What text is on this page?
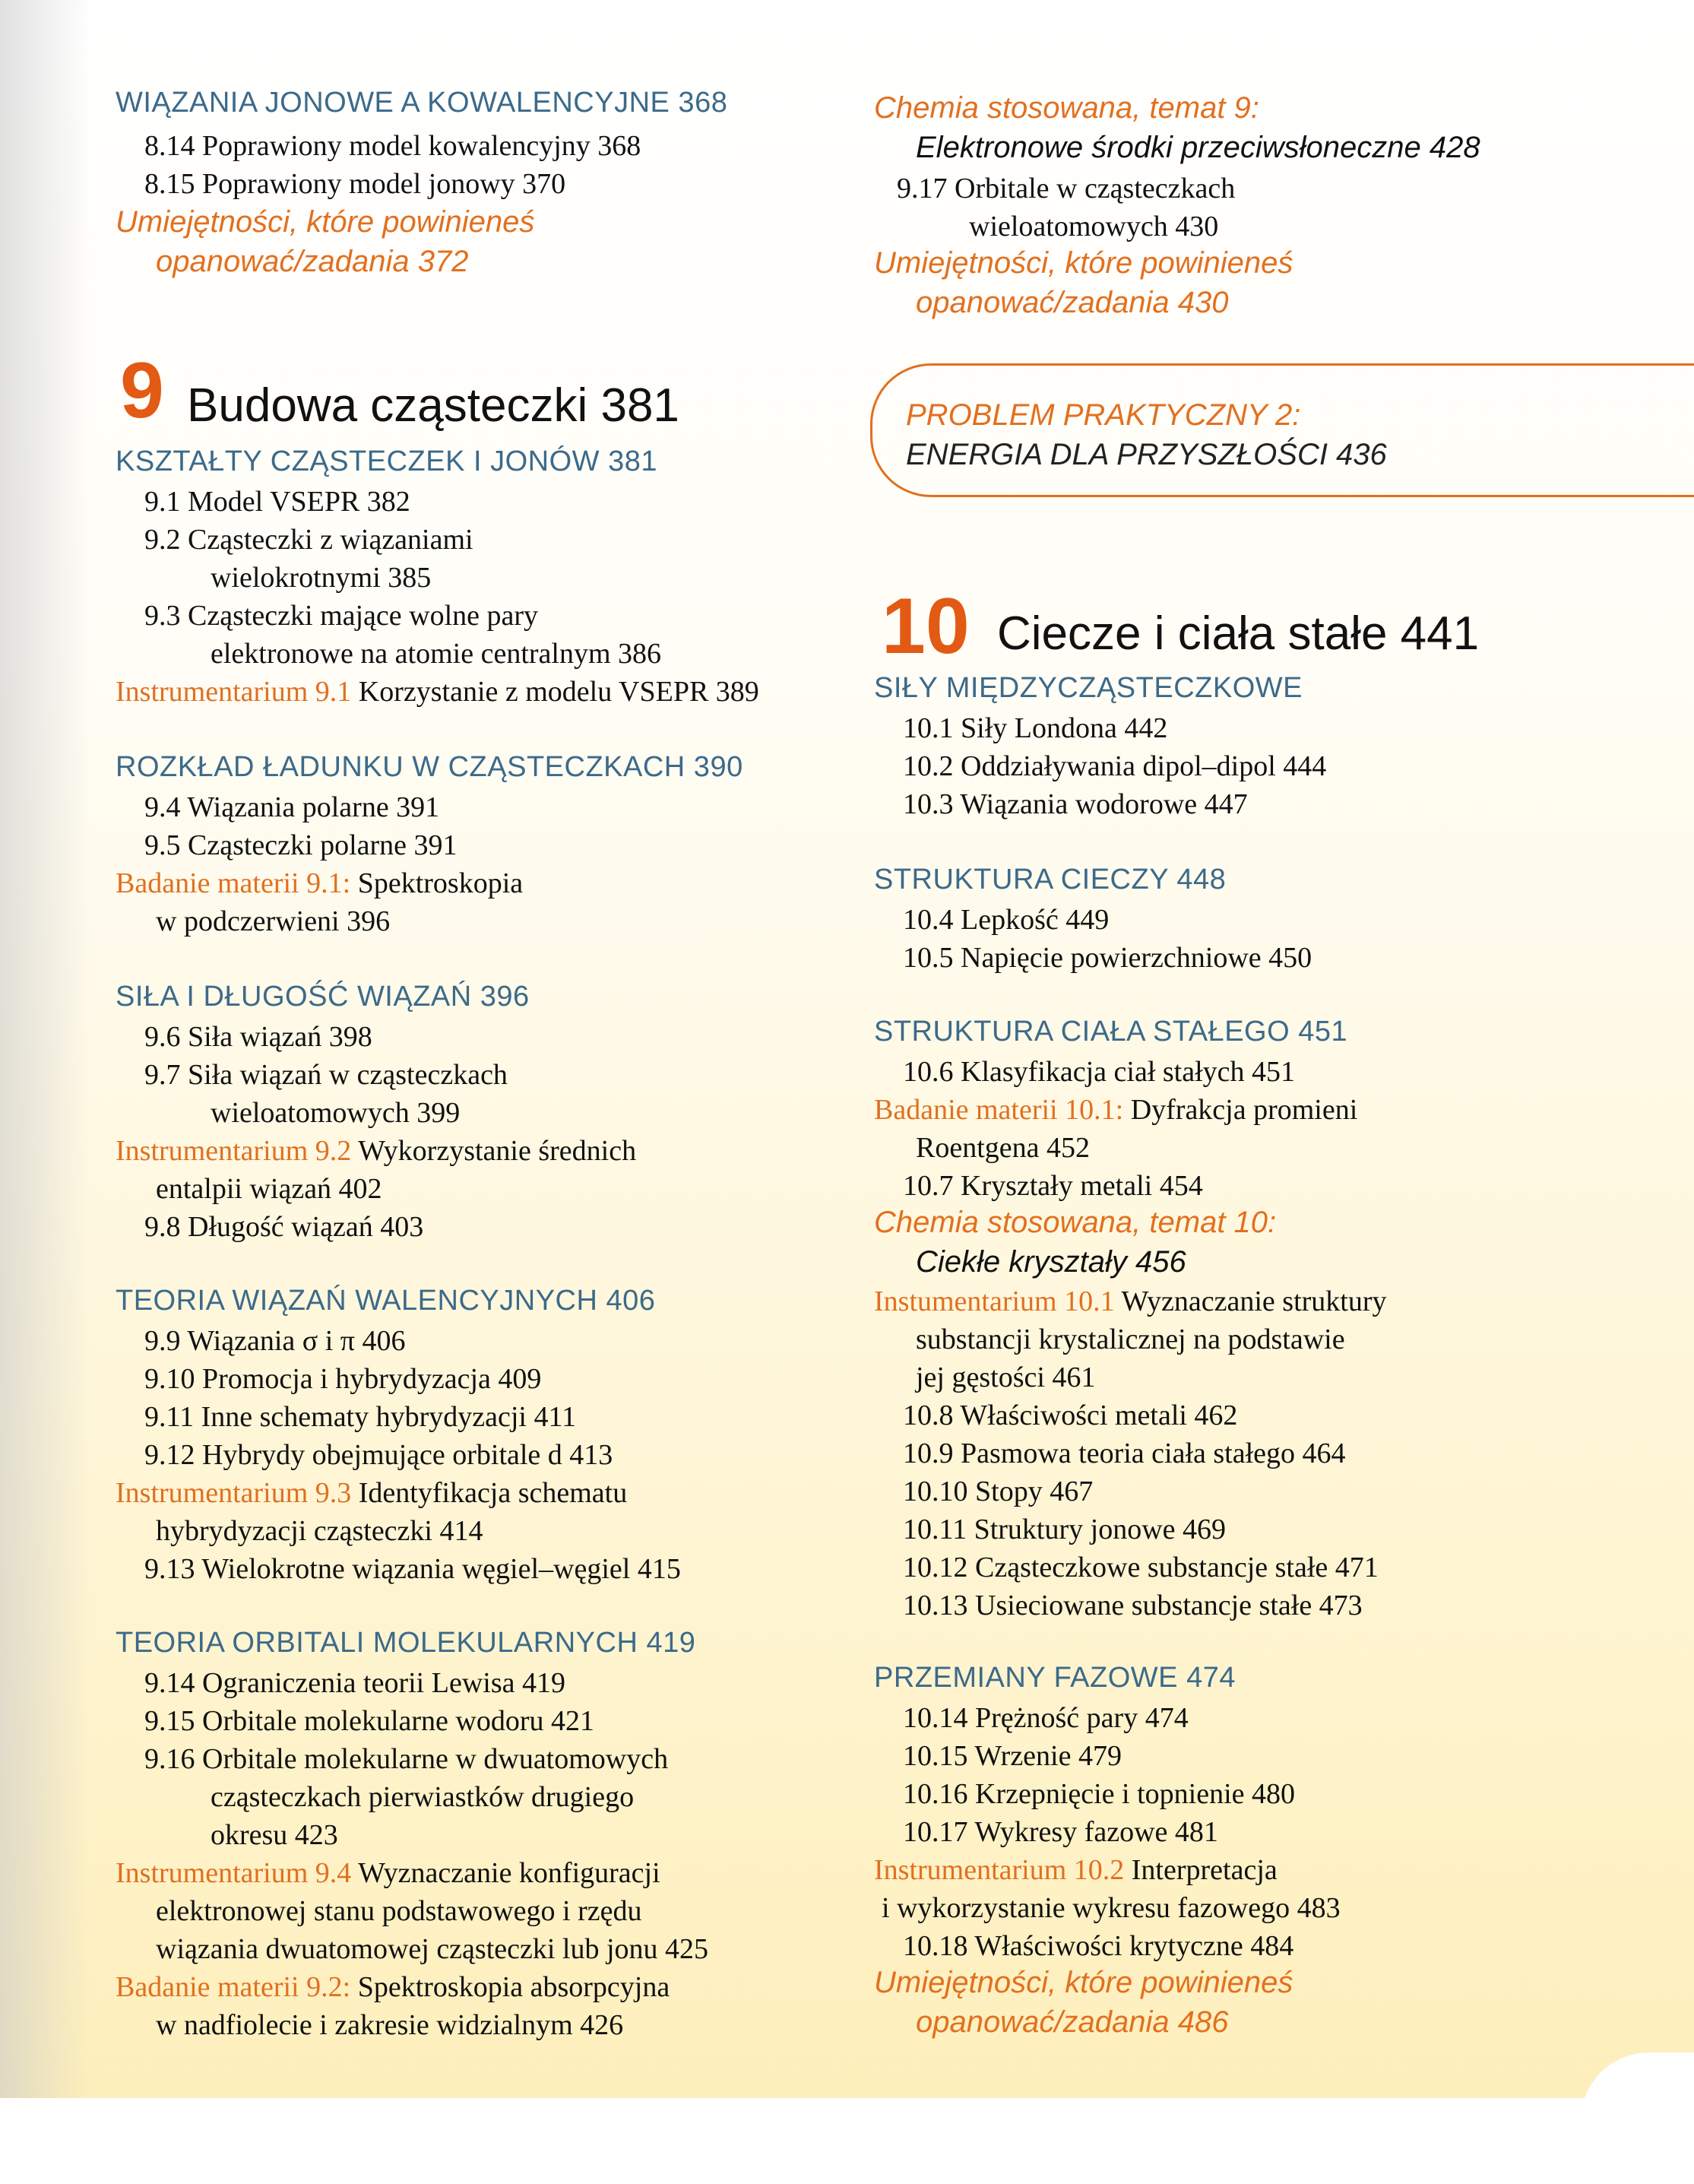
WIĄZANIA JONOWE A KOWALENCYJNE 368
8.14 Poprawiony model kowalencyjny 368
8.15 Poprawiony model jonowy 370
Umiejętności, które powinieneś
opanować/zadania 372
9 Budowa cząsteczki 381
KSZTAŁTY CZĄSTECZEK I JONÓW 381
9.1 Model VSEPR 382
9.2 Cząsteczki z wiązaniami
wielokrotnymi 385
9.3 Cząsteczki mające wolne pary
elektronowe na atomie centralnym 386
Instrumentarium 9.1 Korzystanie z modelu VSEPR 389
ROZKŁAD ŁADUNKU W CZĄSTECZKACH 390
9.4 Wiązania polarne 391
9.5 Cząsteczki polarne 391
Badanie materii 9.1: Spektroskopia
w podczerwieni 396
SIŁA I DŁUGOŚĆ WIĄZAŃ 396
9.6 Siła wiązań 398
9.7 Siła wiązań w cząsteczkach
wieloatomowych 399
Instrumentarium 9.2 Wykorzystanie średnich
entalpii wiązań 402
9.8 Długość wiązań 403
TEORIA WIĄZAŃ WALENCYJNYCH 406
9.9 Wiązania σ i π 406
9.10 Promocja i hybrydyzacja 409
9.11 Inne schematy hybrydyzacji 411
9.12 Hybrydy obejmujące orbitale d 413
Instrumentarium 9.3 Identyfikacja schematu
hybrydyzacji cząsteczki 414
9.13 Wielokrotne wiązania węgiel–węgiel 415
TEORIA ORBITALI MOLEKULARNYCH 419
9.14 Ograniczenia teorii Lewisa 419
9.15 Orbitale molekularne wodoru 421
9.16 Orbitale molekularne w dwuatomowych
cząsteczkach pierwiastków drugiego
okresu 423
Instrumentarium 9.4 Wyznaczanie konfiguracji
elektronowej stanu podstawowego i rzędu
wiązania dwuatomowej cząsteczki lub jonu 425
Badanie materii 9.2: Spektroskopia absorpcyjna
w nadfiolecie i zakresie widzialnym 426
Chemia stosowana, temat 9:
Elektronowe środki przeciwsłoneczne 428
9.17 Orbitale w cząsteczkach
wieloatomowych 430
Umiejętności, które powinieneś
opanować/zadania 430
PROBLEM PRAKTYCZNY 2:
ENERGIA DLA PRZYSZŁOŚCI 436
10 Ciecze i ciała stałe 441
SIŁY MIĘDZYCZĄSTECZKOWE
10.1 Siły Londona 442
10.2 Oddziaływania dipol–dipol 444
10.3 Wiązania wodorowe 447
STRUKTURA CIECZY 448
10.4 Lepkość 449
10.5 Napięcie powierzchniowe 450
STRUKTURA CIAŁA STAŁEGO 451
10.6 Klasyfikacja ciał stałych 451
Badanie materii 10.1: Dyfrakcja promieni
Roentgena 452
10.7 Kryształy metali 454
Chemia stosowana, temat 10:
Ciekłe kryształy 456
Instumentarium 10.1 Wyznaczanie struktury
substancji krystalicznej na podstawie
jej gęstości 461
10.8 Właściwości metali 462
10.9 Pasmowa teoria ciała stałego 464
10.10 Stopy 467
10.11 Struktury jonowe 469
10.12 Cząsteczkowe substancje stałe 471
10.13 Usieciowane substancje stałe 473
PRZEMIANY FAZOWE 474
10.14 Prężność pary 474
10.15 Wrzenie 479
10.16 Krzepnięcie i topnienie 480
10.17 Wykresy fazowe 481
Instrumentarium 10.2 Interpretacja
i wykorzystanie wykresu fazowego 483
10.18 Właściwości krytyczne 484
Umiejętności, które powinieneś
opanować/zadania 486
